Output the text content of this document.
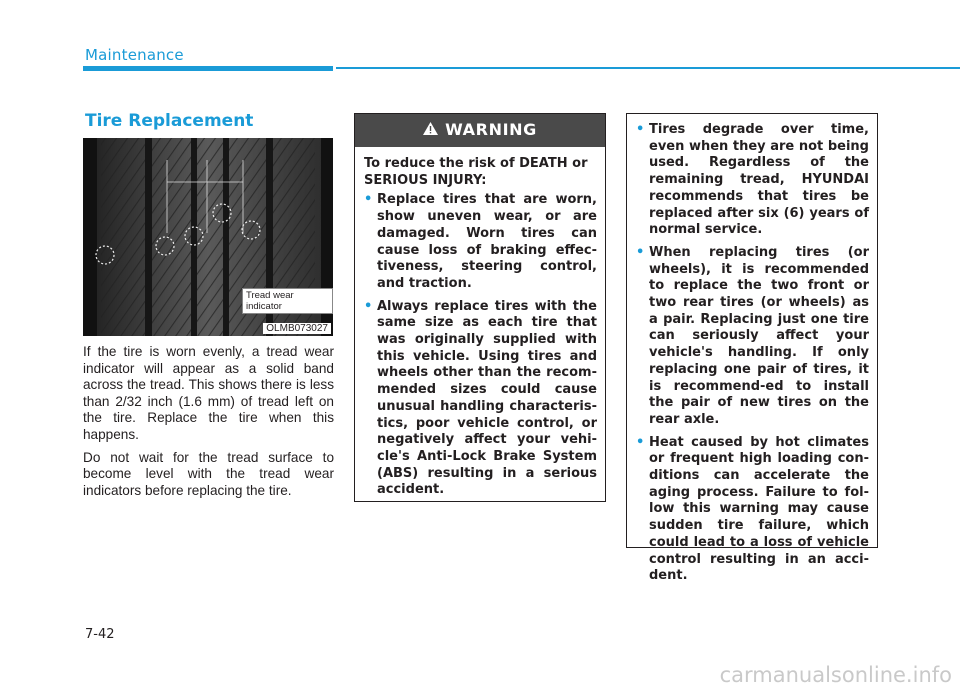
Maintenance
Tire Replacement
Tread wear indicator
OLMB073027

If the tire is worn evenly, a tread wear indicator will appear as a solid band across the tread. This shows there is less than 2/32 inch (1.6 mm) of tread left on the tire. Replace the tire when this happens.

Do not wait for the tread surface to become level with the tread wear indicators before replacing the tire.

WARNING

To reduce the risk of DEATH or SERIOUS INJURY:

• Replace tires that are worn, show uneven wear, or are damaged. Worn tires can cause loss of braking effec-tiveness, steering control, and traction.
• Always replace tires with the same size as each tire that was originally supplied with this vehicle. Using tires and wheels other than the recom-mended sizes could cause unusual handling characteris-tics, poor vehicle control, or negatively affect your vehi-cle's Anti-Lock Brake System (ABS) resulting in a serious accident.
• Tires degrade over time, even when they are not being used. Regardless of the remaining tread, HYUNDAI recommends that tires be replaced after six (6) years of normal service.
• When replacing tires (or wheels), it is recommended to replace the two front or two rear tires (or wheels) as a pair. Replacing just one tire can seriously affect your vehicle's handling. If only replacing one pair of tires, it is recommend-ed to install the pair of new tires on the rear axle.
• Heat caused by hot climates or frequent high loading con-ditions can accelerate the aging process. Failure to fol-low this warning may cause sudden tire failure, which could lead to a loss of vehicle control resulting in an acci-dent.
7-42
carmanualsonline.info
